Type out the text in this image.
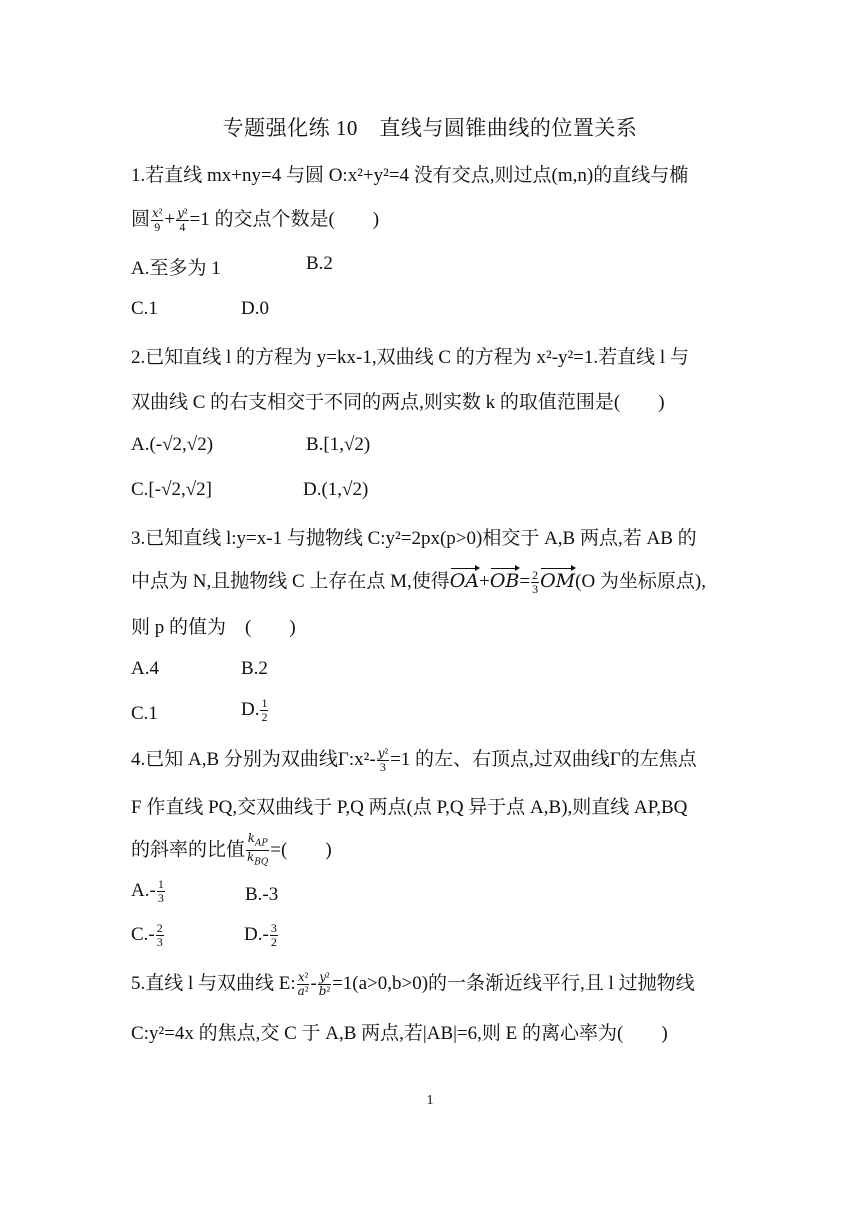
专题强化练 10　直线与圆锥曲线的位置关系
1.若直线 mx+ny=4 与圆 O:x²+y²=4 没有交点,则过点(m,n)的直线与椭
圆 $\frac{\text{x²}}{9} + \frac{\text{y²}}{4} =1$ 的交点个数是(　　)
A.至多为 1	B.2
C.1	D.0
2.已知直线 l 的方程为 y=kx-1,双曲线 C 的方程为 x²-y²=1.若直线 l 与
双曲线 C 的右支相交于不同的两点,则实数 k 的取值范围是(　　)
A.(-√2,√2)	B.[1,√2)
C.[-√2,√2]	D.(1,√2)
3.已知直线 l:y=x-1 与抛物线 C:y²=2px(p>0)相交于 A,B 两点,若 AB 的
中点为 N,且抛物线 C 上存在点 M,使得$OA+OB= \frac{2}{3} OM(O$ 为坐标原点),
则 p 的值为　(　　)
A.4	B.2
C.1	D. $\frac{1}{2}$
4.已知 A,B 分别为双曲线Γ:x²- $\frac{\text{y²}}{3} =1$ 的左、右顶点,过双曲线Γ的左焦点
F 作直线 PQ,交双曲线于 P,Q 两点(点 P,Q 异于点 A,B),则直线 AP,BQ
的斜率的比值 $\frac{k_{AP}}{k_{BQ}}$ =(　　)
$A.- \frac{1}{3}$	B.-3
$C.- \frac{2}{3}$	$D.- \frac{3}{2}$
5.直线 l 与双曲线 E: $\frac{\text{x²}}{\text{a²}} - \frac{\text{y²}}{\text{b²}} =1(a>0,b>0)$的一条渐近线平行,且 l 过抛物线
C:y²=4x 的焦点,交 C 于 A,B 两点,若|AB|=6,则 E 的离心率为(　　)
1
